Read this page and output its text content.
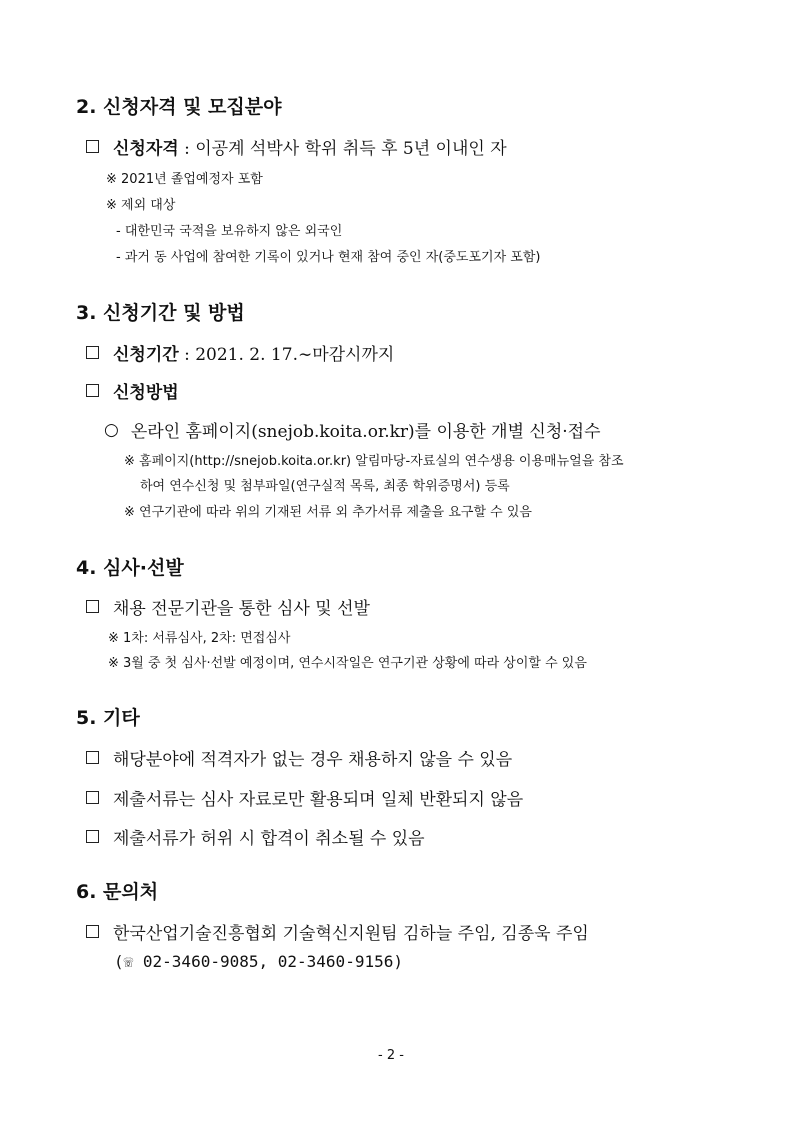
2. 신청자격 및 모집분야
신청자격 : 이공계 석박사 학위 취득 후 5년 이내인 자
※ 2021년 졸업예정자 포함
※ 제외 대상
- 대한민국 국적을 보유하지 않은 외국인
- 과거 동 사업에 참여한 기록이 있거나 현재 참여 중인 자(중도포기자 포함)
3. 신청기간 및 방법
신청기간 : 2021. 2. 17.∼마감시까지
신청방법
○ 온라인 홈페이지(snejob.koita.or.kr)를 이용한 개별 신청·접수
※ 홈페이지(http://snejob.koita.or.kr) 알림마당-자료실의 연수생용 이용매뉴얼을 참조
하여 연수신청 및 첨부파일(연구실적 목록, 최종 학위증명서) 등록
※ 연구기관에 따라 위의 기재된 서류 외 추가서류 제출을 요구할 수 있음
4. 심사·선발
채용 전문기관을 통한 심사 및 선발
※ 1차: 서류심사, 2차: 면접심사
※ 3월 중 첫 심사·선발 예정이며, 연수시작일은 연구기관 상황에 따라 상이할 수 있음
5. 기타
해당분야에 적격자가 없는 경우 채용하지 않을 수 있음
제출서류는 심사 자료로만 활용되며 일체 반환되지 않음
제출서류가 허위 시 합격이 취소될 수 있음
6. 문의처
한국산업기술진흥협회 기술혁신지원팀 김하늘 주임, 김종욱 주임
(☏ 02-3460-9085, 02-3460-9156)
- 2 -
